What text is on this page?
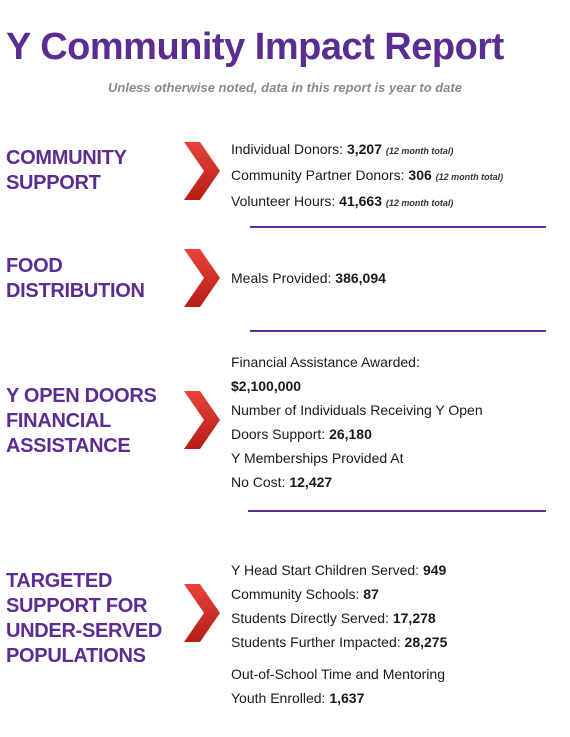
Y Community Impact Report
Unless otherwise noted, data in this report is year to date
COMMUNITY
SUPPORT
Individual Donors: 3,207 (12 month total)
Community Partner Donors: 306 (12 month total)
Volunteer Hours: 41,663 (12 month total)
FOOD
DISTRIBUTION
Meals Provided: 386,094
Y OPEN DOORS
FINANCIAL
ASSISTANCE
Financial Assistance Awarded:
$2,100,000
Number of Individuals Receiving Y Open
Doors Support: 26,180
Y Memberships Provided At
No Cost: 12,427
TARGETED
SUPPORT FOR
UNDER-SERVED
POPULATIONS
Y Head Start Children Served: 949
Community Schools: 87
Students Directly Served: 17,278
Students Further Impacted: 28,275
Out-of-School Time and Mentoring
Youth Enrolled: 1,637
